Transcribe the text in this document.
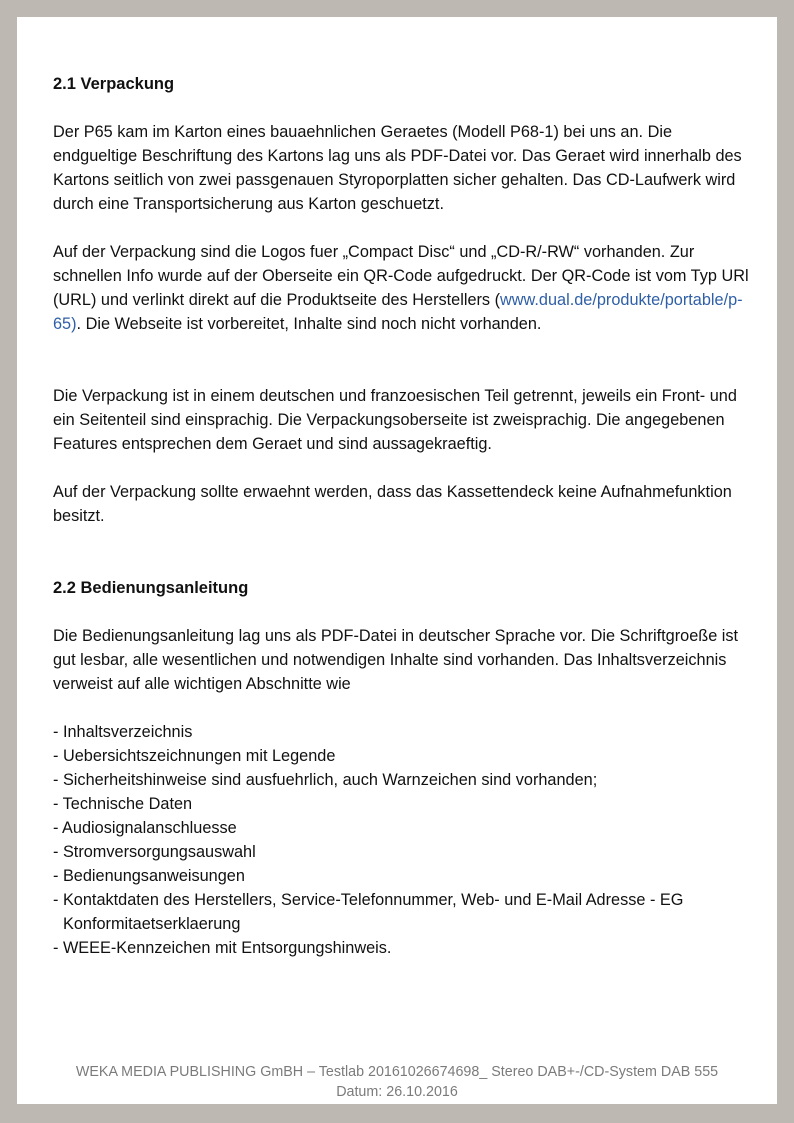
2.1 Verpackung

Der P65 kam im Karton eines bauaehnlichen Geraetes (Modell P68-1) bei uns an. Die endgueltige Beschriftung des Kartons lag uns als PDF-Datei vor. Das Geraet wird innerhalb des Kartons seitlich von zwei passgenauen Styroporplatten sicher gehalten. Das CD-Laufwerk wird durch eine Transportsicherung aus Karton geschuetzt.

Auf der Verpackung sind die Logos fuer „Compact Disc“ und „CD-R/-RW“ vorhanden. Zur schnellen Info wurde auf der Oberseite ein QR-Code aufgedruckt. Der QR-Code ist vom Typ URl (URL) und verlinkt direkt auf die Produktseite des Herstellers (www.dual.de/produkte/portable/p-65). Die Webseite ist vorbereitet, Inhalte sind noch nicht vorhanden.

Die Verpackung ist in einem deutschen und franzoesischen Teil getrennt, jeweils ein Front- und ein Seitenteil sind einsprachig. Die Verpackungsoberseite ist zweisprachig. Die angegebenen Features entsprechen dem Geraet und sind aussagekraeftig.

Auf der Verpackung sollte erwaehnt werden, dass das Kassettendeck keine Aufnahmefunktion besitzt.

2.2 Bedienungsanleitung

Die Bedienungsanleitung lag uns als PDF-Datei in deutscher Sprache vor. Die Schriftgroeße ist gut lesbar, alle wesentlichen und notwendigen Inhalte sind vorhanden. Das Inhaltsverzeichnis verweist auf alle wichtigen Abschnitte wie

- Inhaltsverzeichnis
- Uebersichtszeichnungen mit Legende
- Sicherheitshinweise sind ausfuehrlich, auch Warnzeichen sind vorhanden;
- Technische Daten
- Audiosignalanschluesse
- Stromversorgungsauswahl
- Bedienungsanweisungen
- Kontaktdaten des Herstellers, Service-Telefonnummer, Web- und E-Mail Adresse - EG Konformitaetserklaerung
- WEEE-Kennzeichen mit Entsorgungshinweis.
WEKA MEDIA PUBLISHING GmBH – Testlab 20161026674698_ Stereo DAB+-/CD-System DAB 555
Datum: 26.10.2016
